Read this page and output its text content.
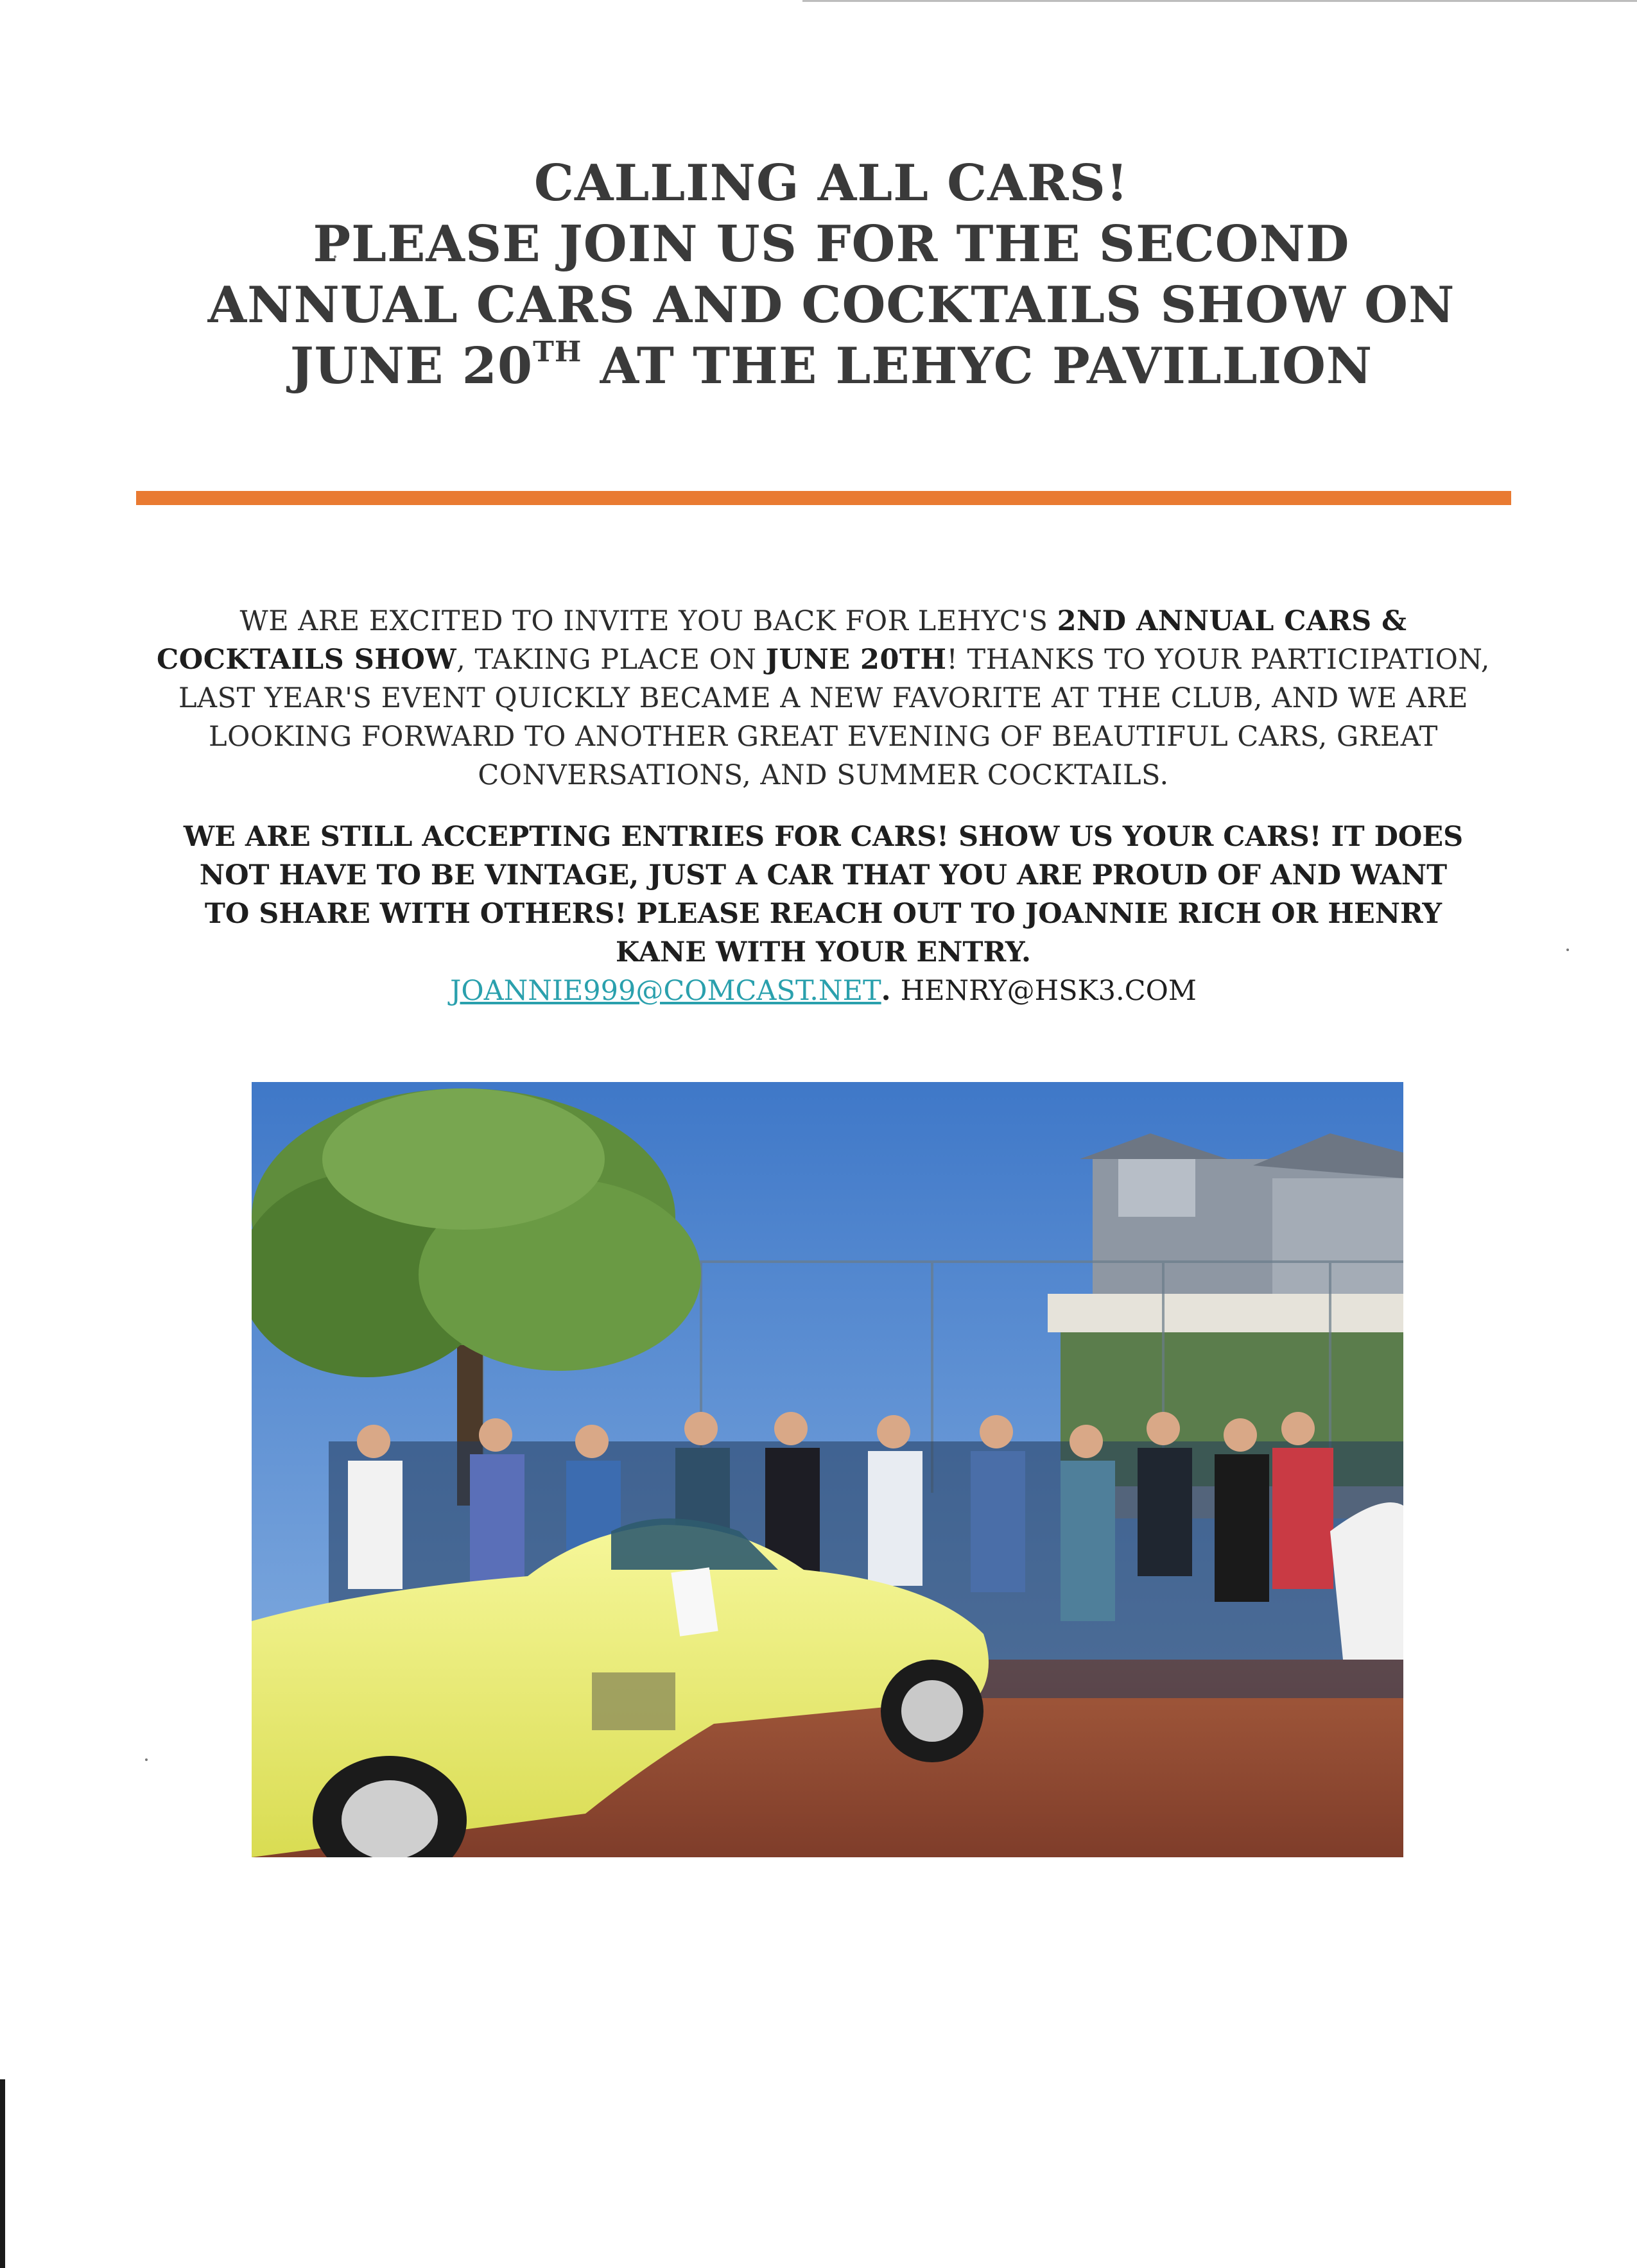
CALLING ALL CARS!
PLEASE JOIN US FOR THE SECOND
ANNUAL CARS AND COCKTAILS SHOW ON
JUNE 20TH AT THE LEHYC PAVILLION
WE ARE EXCITED TO INVITE YOU BACK FOR LEHYC'S 2ND ANNUAL CARS &
COCKTAILS SHOW, TAKING PLACE ON JUNE 20TH! THANKS TO YOUR PARTICIPATION,
LAST YEAR'S EVENT QUICKLY BECAME A NEW FAVORITE AT THE CLUB, AND WE ARE
LOOKING FORWARD TO ANOTHER GREAT EVENING OF BEAUTIFUL CARS, GREAT
CONVERSATIONS, AND SUMMER COCKTAILS.
WE ARE STILL ACCEPTING ENTRIES FOR CARS! SHOW US YOUR CARS! IT DOES
NOT HAVE TO BE VINTAGE, JUST A CAR THAT YOU ARE PROUD OF AND WANT
TO SHARE WITH OTHERS! PLEASE REACH OUT TO JOANNIE RICH OR HENRY
KANE WITH YOUR ENTRY.
JOANNIE999@COMCAST.NET. HENRY@HSK3.COM
